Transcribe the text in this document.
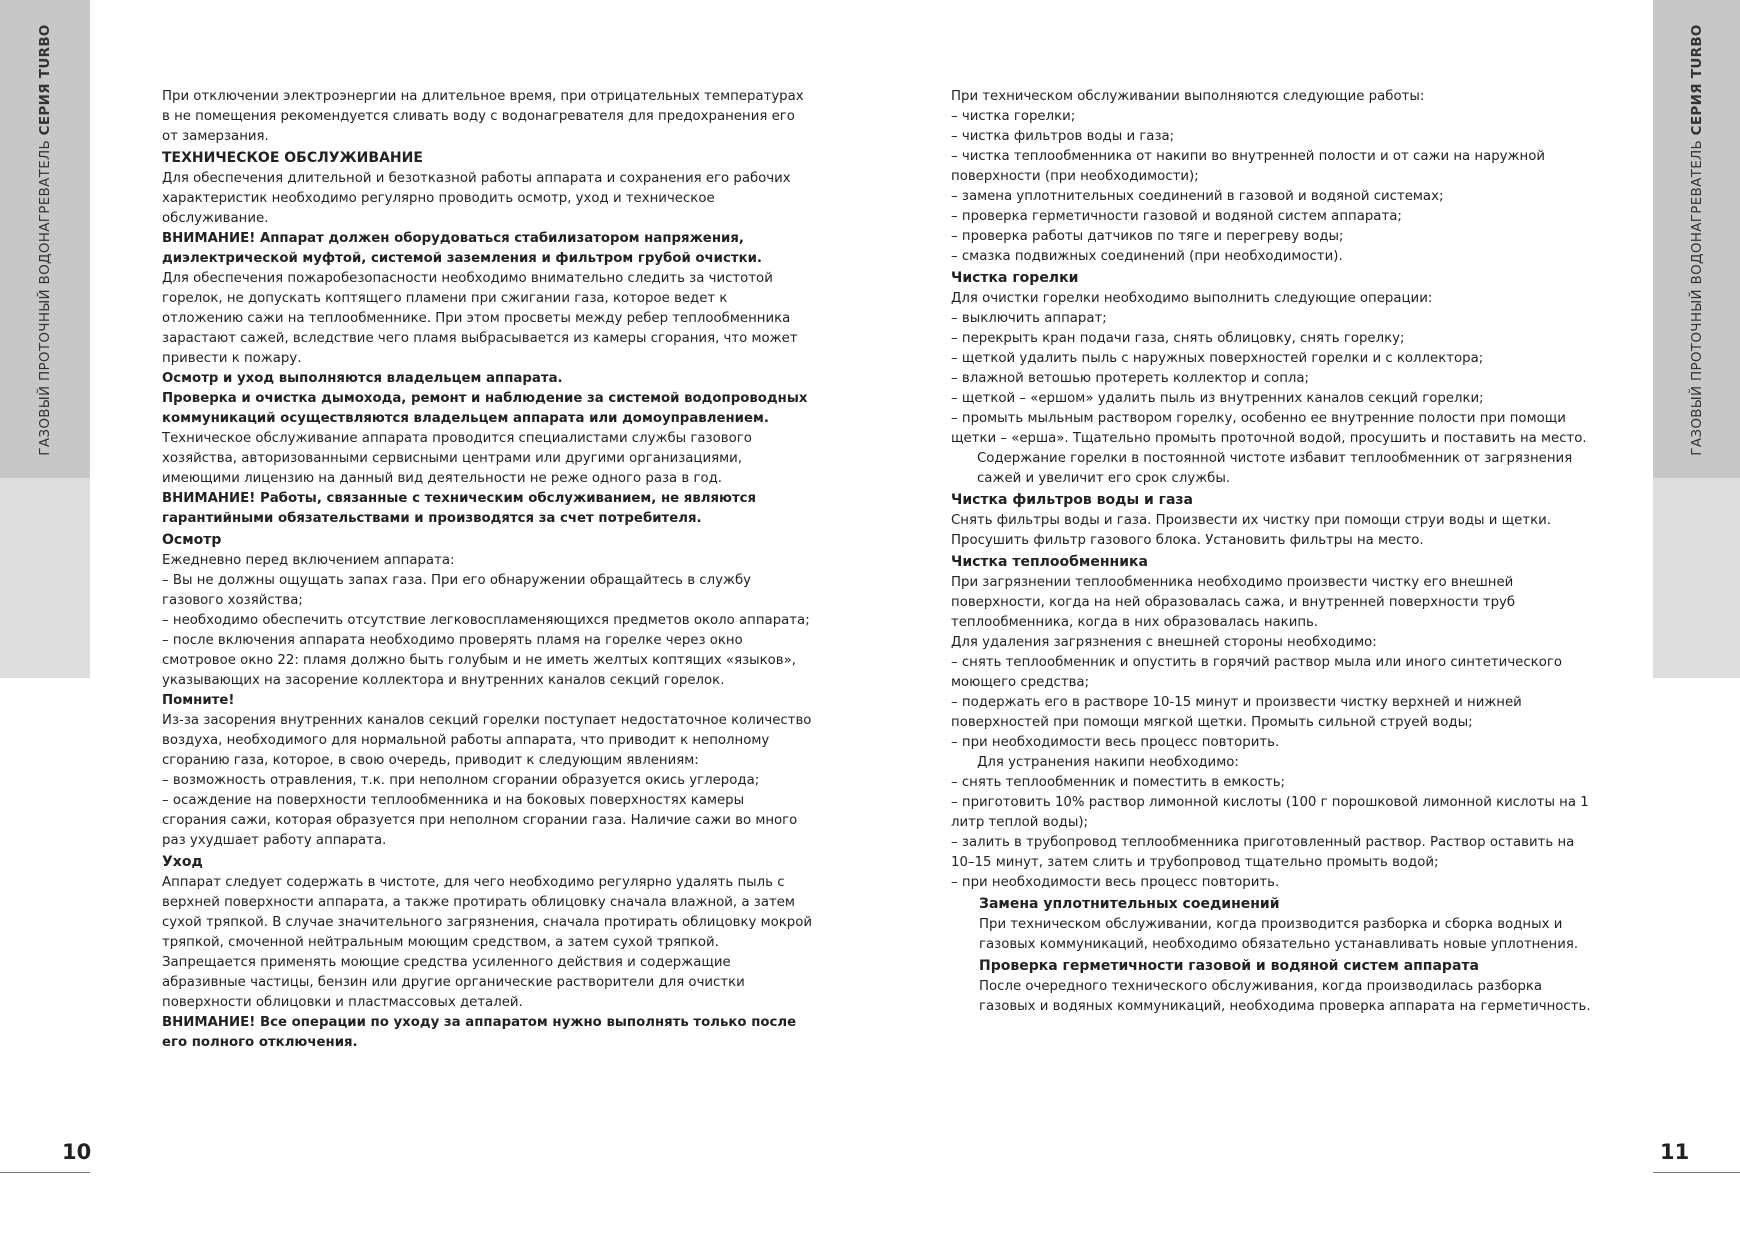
ГАЗОВЫЙ ПРОТОЧНЫЙ ВОДОНАГРЕВАТЕЛЬ СЕРИЯ TURBO
10
ГАЗОВЫЙ ПРОТОЧНЫЙ ВОДОНАГРЕВАТЕЛЬ СЕРИЯ TURBO
11

При отключении электроэнергии на длительное время, при отрицательных температурах в не помещения рекомендуется сливать воду с водонагревателя для предохранения его от замерзания.

ТЕХНИЧЕСКОЕ ОБСЛУЖИВАНИЕ

Для обеспечения длительной и безотказной работы аппарата и сохранения его рабочих характеристик необходимо регулярно проводить осмотр, уход и техническое обслуживание.

ВНИМАНИЕ! Аппарат должен оборудоваться стабилизатором напряжения, диэлектрической муфтой, системой заземления и фильтром грубой очистки.

Для обеспечения пожаробезопасности необходимо внимательно следить за чистотой горелок, не допускать коптящего пламени при сжигании газа, которое ведет к отложению сажи на теплообменнике. При этом просветы между ребер теплообменника зарастают сажей, вследствие чего пламя выбрасывается из камеры сгорания, что может привести к пожару.

Осмотр и уход выполняются владельцем аппарата.

Проверка и очистка дымохода, ремонт и наблюдение за системой водопроводных коммуникаций осуществляются владельцем аппарата или домоуправлением.

Техническое обслуживание аппарата проводится специалистами службы газового хозяйства, авторизованными сервисными центрами или другими организациями, имеющими лицензию на данный вид деятельности не реже одного раза в год.

ВНИМАНИЕ! Работы, связанные с техническим обслуживанием, не являются гарантийными обязательствами и производятся за счет потребителя.

Осмотр

Ежедневно перед включением аппарата:

– Вы не должны ощущать запах газа. При его обнаружении обращайтесь в службу газового хозяйства;
– необходимо обеспечить отсутствие легковоспламеняющихся предметов около аппарата;
– после включения аппарата необходимо проверять пламя на горелке через окно смотровое окно 22: пламя должно быть голубым и не иметь желтых коптящих «языков», указывающих на засорение коллектора и внутренних каналов секций горелок.

Помните!

Из-за засорения внутренних каналов секций горелки поступает недостаточное количество воздуха, необходимого для нормальной работы аппарата, что приводит к неполному сгоранию газа, которое, в свою очередь, приводит к следующим явлениям:

– возможность отравления, т.к. при неполном сгорании образуется окись углерода;
– осаждение на поверхности теплообменника и на боковых поверхностях камеры сгорания сажи, которая образуется при неполном сгорании газа. Наличие сажи во много раз ухудшает работу аппарата.
Уход

Аппарат следует содержать в чистоте, для чего необходимо регулярно удалять пыль с верхней поверхности аппарата, а также протирать облицовку сначала влажной, а затем сухой тряпкой. В случае значительного загрязнения, сначала протирать облицовку мокрой тряпкой, смоченной нейтральным моющим средством, а затем сухой тряпкой. Запрещается применять моющие средства усиленного действия и содержащие абразивные частицы, бензин или другие органические растворители для очистки поверхности облицовки и пластмассовых деталей.

ВНИМАНИЕ! Все операции по уходу за аппаратом нужно выполнять только после его полного отключения.

При техническом обслуживании выполняются следующие работы:

– чистка горелки;
– чистка фильтров воды и газа;
– чистка теплообменника от накипи во внутренней полости и от сажи на наружной поверхности (при необходимости);
– замена уплотнительных соединений в газовой и водяной системах;
– проверка герметичности газовой и водяной систем аппарата;
– проверка работы датчиков по тяге и перегреву воды;
– смазка подвижных соединений (при необходимости).
Чистка горелки

Для очистки горелки необходимо выполнить следующие операции:

– выключить аппарат;
– перекрыть кран подачи газа, снять облицовку, снять горелку;
– щеткой удалить пыль с наружных поверхностей горелки и с коллектора;
– влажной ветошью протереть коллектор и сопла;
– щеткой – «ершом» удалить пыль из внутренних каналов секций горелки;
– промыть мыльным раствором горелку, особенно ее внутренние полости при помощи щетки – «ерша». Тщательно промыть проточной водой, просушить и поставить на место.

Содержание горелки в постоянной чистоте избавит теплообменник от загрязнения сажей и увеличит его срок службы.

Чистка фильтров воды и газа

Снять фильтры воды и газа. Произвести их чистку при помощи струи воды и щетки. Просушить фильтр газового блока. Установить фильтры на место.

Чистка теплообменника

При загрязнении теплообменника необходимо произвести чистку его внешней поверхности, когда на ней образовалась сажа, и внутренней поверхности труб теплообменника, когда в них образовалась накипь.

Для удаления загрязнения с внешней стороны необходимо:

– снять теплообменник и опустить в горячий раствор мыла или иного синтетического моющего средства;
– подержать его в растворе 10-15 минут и произвести чистку верхней и нижней поверхностей при помощи мягкой щетки. Промыть сильной струей воды;
– при необходимости весь процесс повторить.

Для устранения накипи необходимо:

– снять теплообменник и поместить в емкость;
– приготовить 10% раствор лимонной кислоты (100 г порошковой лимонной кислоты на 1 литр теплой воды);
– залить в трубопровод теплообменника приготовленный раствор. Раствор оставить на 10–15 минут, затем слить и трубопровод тщательно промыть водой;
– при необходимости весь процесс повторить.
Замена уплотнительных соединений

При техническом обслуживании, когда производится разборка и сборка водных и газовых коммуникаций, необходимо обязательно устанавливать новые уплотнения.

Проверка герметичности газовой и водяной систем аппарата

После очередного технического обслуживания, когда производилась разборка газовых и водяных коммуникаций, необходима проверка аппарата на герметичность.
